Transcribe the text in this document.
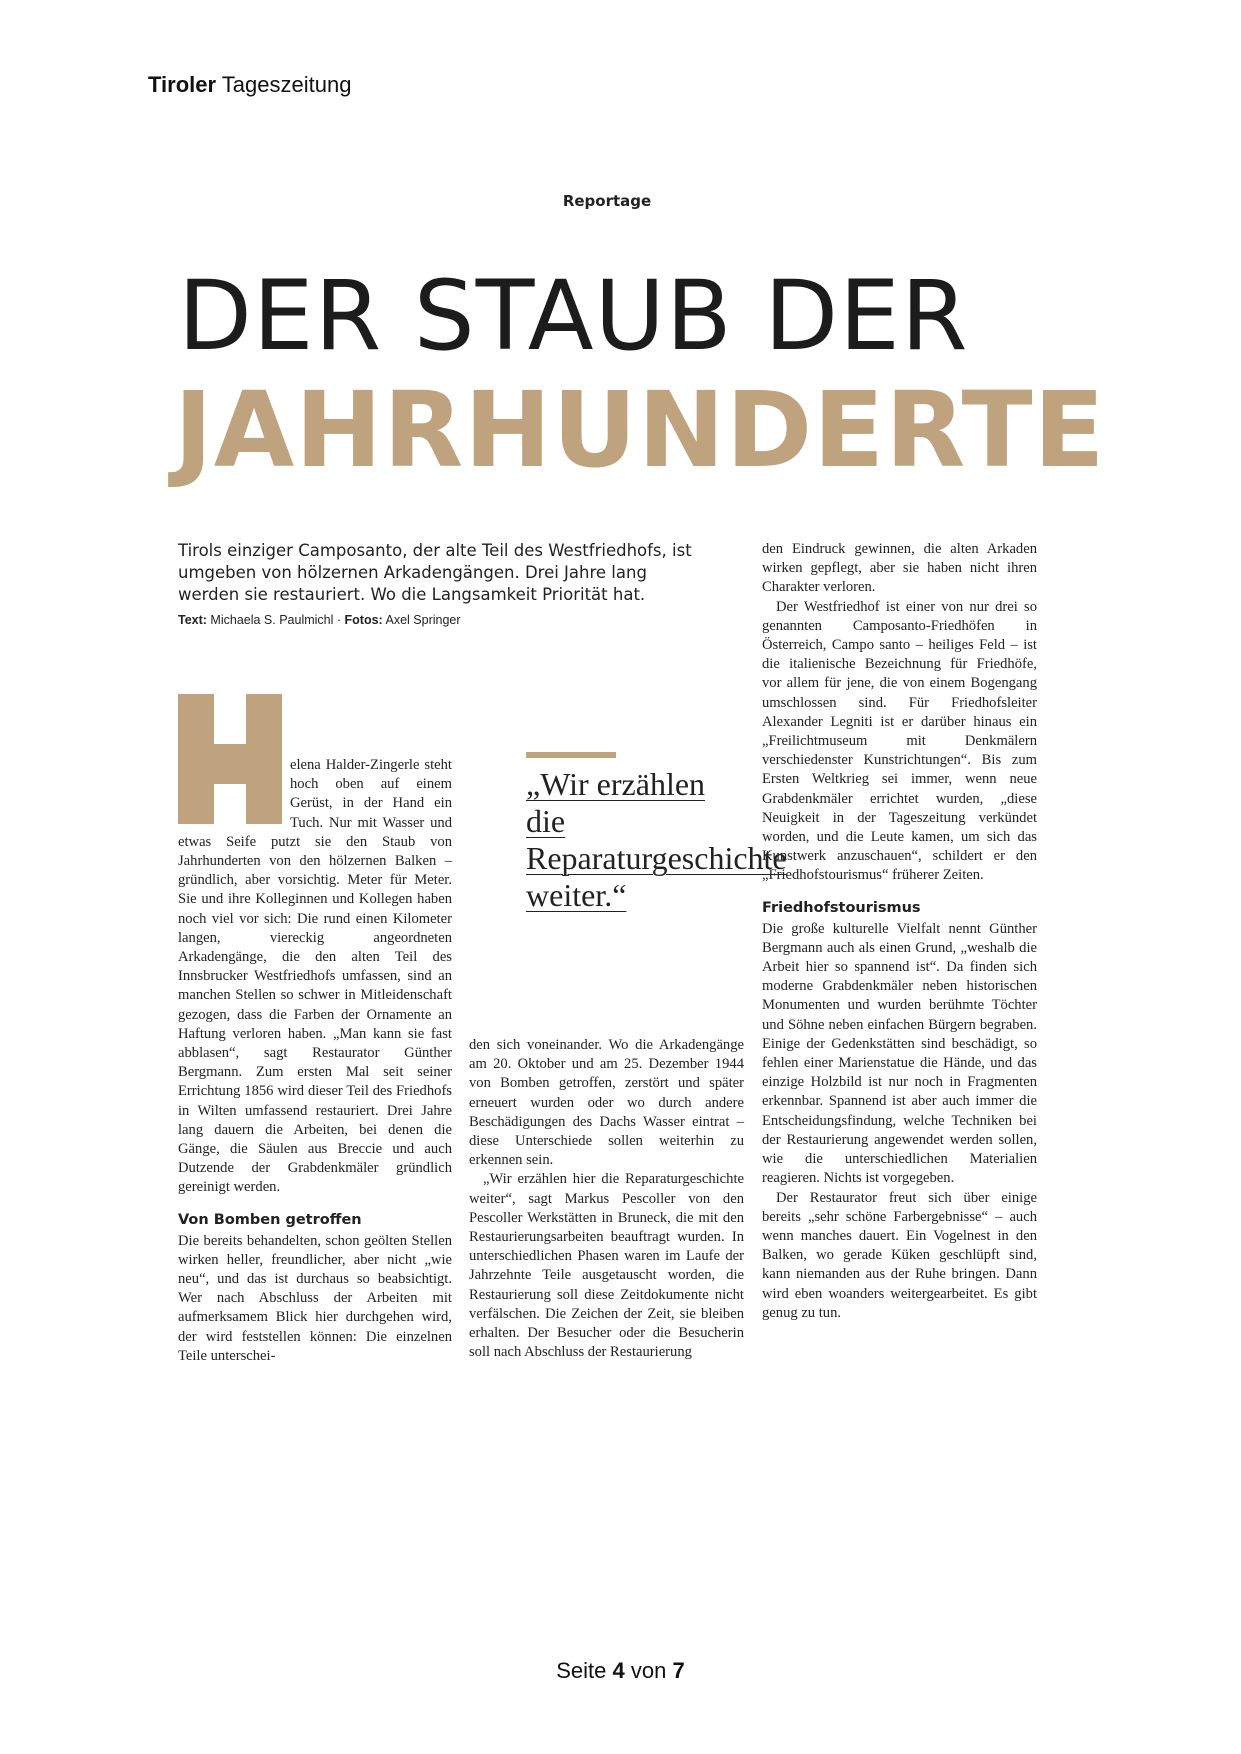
Tiroler Tageszeitung
Reportage
DER STAUB DER
JAHRHUNDERTE
Tirols einziger Camposanto, der alte Teil des Westfriedhofs, ist umgeben von hölzernen Arkadengängen. Drei Jahre lang werden sie restauriert. Wo die Langsamkeit Priorität hat.
Text: Michaela S. Paulmichl · Fotos: Axel Springer

elena Halder-Zingerle steht hoch oben auf einem Gerüst, in der Hand ein Tuch. Nur mit Wasser und etwas Seife putzt sie den Staub von Jahrhunderten von den hölzernen Balken – gründlich, aber vorsichtig. Meter für Meter. Sie und ihre Kolleginnen und Kollegen haben noch viel vor sich: Die rund einen Kilometer langen, viereckig angeordneten Arkadengänge, die den alten Teil des Innsbrucker Westfriedhofs umfassen, sind an manchen Stellen so schwer in Mitleidenschaft gezogen, dass die Farben der Ornamente an Haftung verloren haben. „Man kann sie fast abblasen“, sagt Restaurator Günther Bergmann. Zum ersten Mal seit seiner Errichtung 1856 wird dieser Teil des Friedhofs in Wilten umfassend restauriert. Drei Jahre lang dauern die Arbeiten, bei denen die Gänge, die Säulen aus Breccie und auch Dutzende der Grabdenkmäler gründlich gereinigt werden.

Von Bomben getroffen

Die bereits behandelten, schon geölten Stellen wirken heller, freundlicher, aber nicht „wie neu“, und das ist durchaus so beabsichtigt. Wer nach Abschluss der Arbeiten mit aufmerksamem Blick hier durchgehen wird, der wird feststellen können: Die einzelnen Teile unterschei-

„Wir erzählen die Reparaturgeschichte weiter.“

den sich voneinander. Wo die Arkadengänge am 20. Oktober und am 25. Dezember 1944 von Bomben getroffen, zerstört und später erneuert wurden oder wo durch andere Beschädigungen des Dachs Wasser eintrat – diese Unterschiede sollen weiterhin zu erkennen sein.

„Wir erzählen hier die Reparaturgeschichte weiter“, sagt Markus Pescoller von den Pescoller Werkstätten in Bruneck, die mit den Restaurierungsarbeiten beauftragt wurden. In unterschiedlichen Phasen waren im Laufe der Jahrzehnte Teile ausgetauscht worden, die Restaurierung soll diese Zeitdokumente nicht verfälschen. Die Zeichen der Zeit, sie bleiben erhalten. Der Besucher oder die Besucherin soll nach Abschluss der Restaurierung

den Eindruck gewinnen, die alten Arkaden wirken gepflegt, aber sie haben nicht ihren Charakter verloren.

Der Westfriedhof ist einer von nur drei so genannten Camposanto-Friedhöfen in Österreich, Campo santo – heiliges Feld – ist die italienische Bezeichnung für Friedhöfe, vor allem für jene, die von einem Bogengang umschlossen sind. Für Friedhofsleiter Alexander Legniti ist er darüber hinaus ein „Freilichtmuseum mit Denkmälern verschiedenster Kunstrichtungen“. Bis zum Ersten Weltkrieg sei immer, wenn neue Grabdenkmäler errichtet wurden, „diese Neuigkeit in der Tageszeitung verkündet worden, und die Leute kamen, um sich das Kunstwerk anzuschauen“, schildert er den „Friedhofstourismus“ früherer Zeiten.

Friedhofstourismus

Die große kulturelle Vielfalt nennt Günther Bergmann auch als einen Grund, „weshalb die Arbeit hier so spannend ist“. Da finden sich moderne Grabdenkmäler neben historischen Monumenten und wurden berühmte Töchter und Söhne neben einfachen Bürgern begraben. Einige der Gedenkstätten sind beschädigt, so fehlen einer Marienstatue die Hände, und das einzige Holzbild ist nur noch in Fragmenten erkennbar. Spannend ist aber auch immer die Entscheidungsfindung, welche Techniken bei der Restaurierung angewendet werden sollen, wie die unterschiedlichen Materialien reagieren. Nichts ist vorgegeben.

Der Restaurator freut sich über einige bereits „sehr schöne Farbergebnisse“ – auch wenn manches dauert. Ein Vogelnest in den Balken, wo gerade Küken geschlüpft sind, kann niemanden aus der Ruhe bringen. Dann wird eben woanders weitergearbeitet. Es gibt genug zu tun.

Seite 4 von 7
